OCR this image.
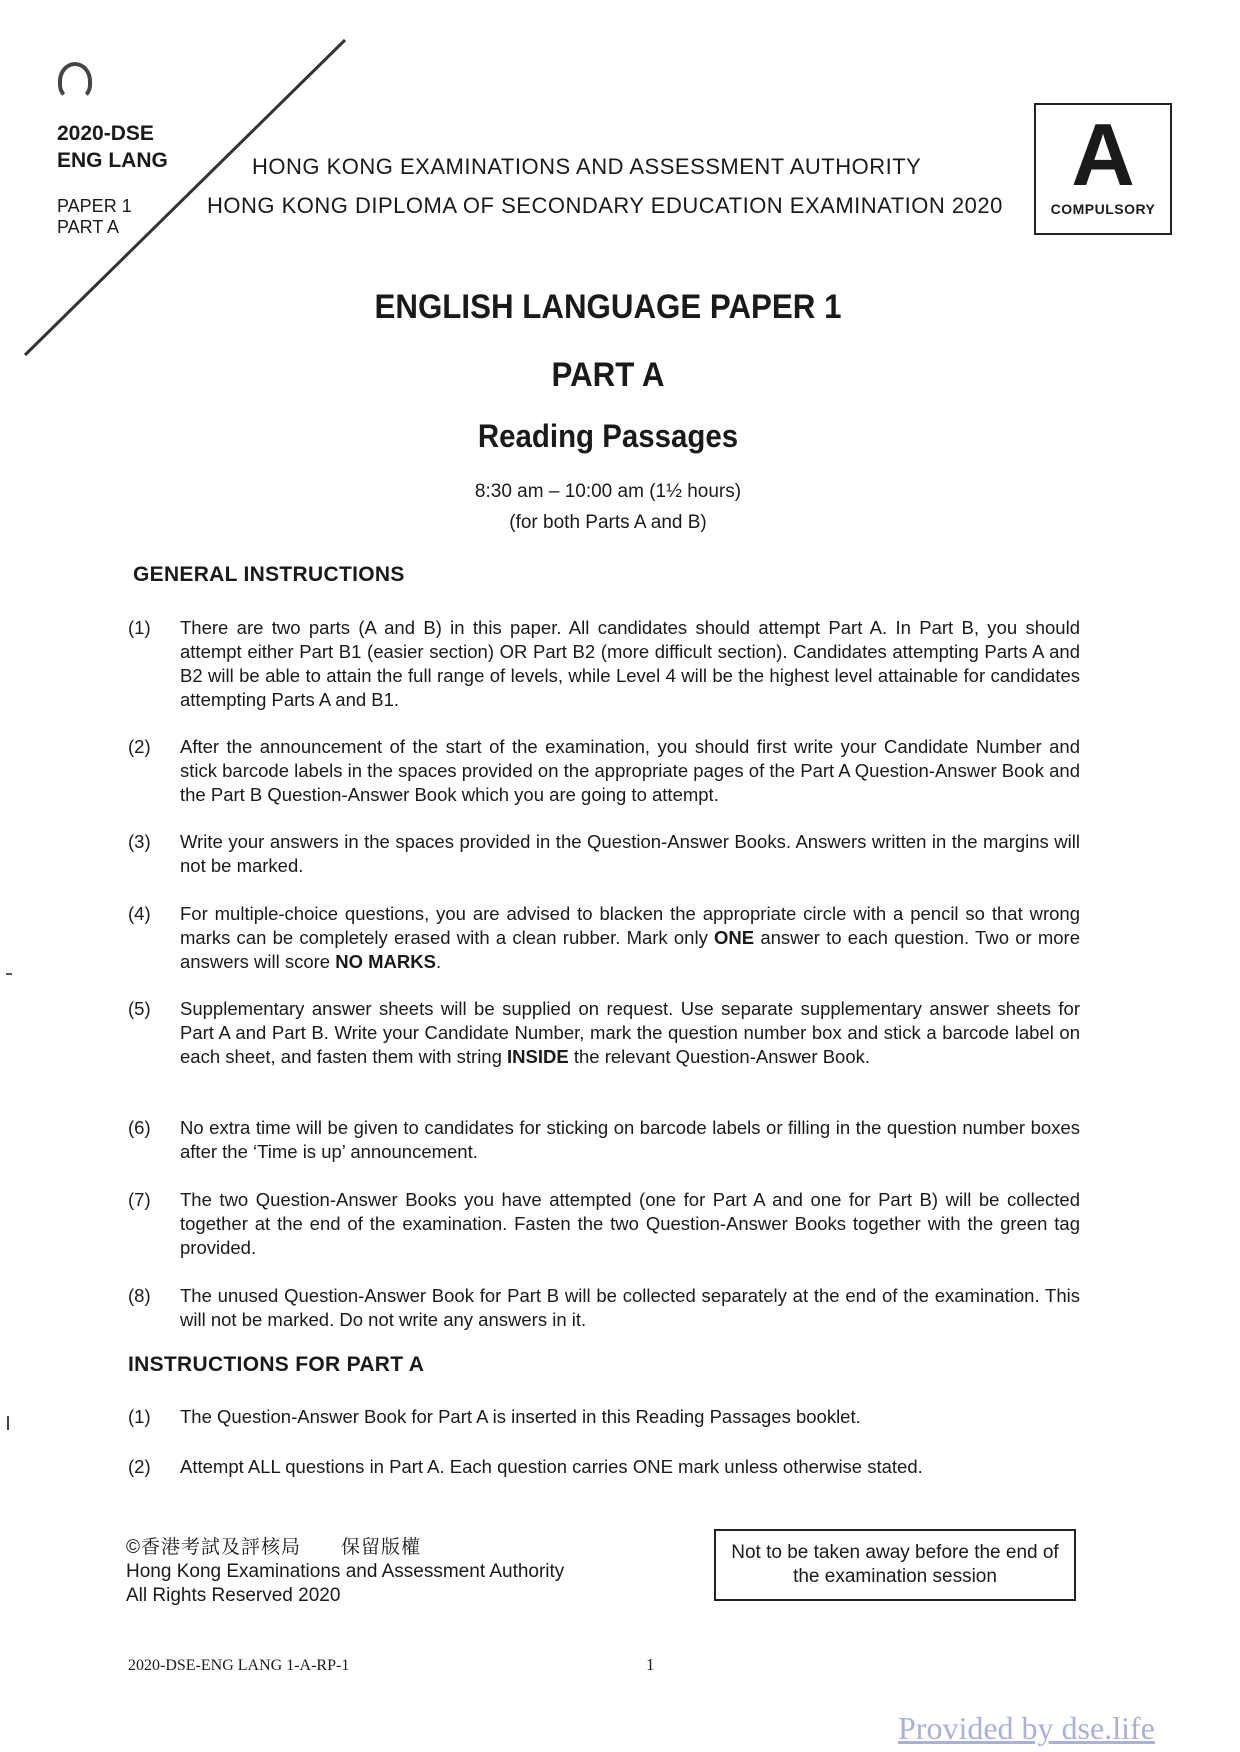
2020-DSE
ENG LANG
PAPER 1
PART A
HONG KONG EXAMINATIONS AND ASSESSMENT AUTHORITY
HONG KONG DIPLOMA OF SECONDARY EDUCATION EXAMINATION 2020
A
COMPULSORY
ENGLISH LANGUAGE PAPER 1
PART A
Reading Passages
8:30 am – 10:00 am (1½ hours)
(for both Parts A and B)
GENERAL INSTRUCTIONS
(1)	There are two parts (A and B) in this paper. All candidates should attempt Part A. In Part B, you should attempt either Part B1 (easier section) OR Part B2 (more difficult section). Candidates attempting Parts A and B2 will be able to attain the full range of levels, while Level 4 will be the highest level attainable for candidates attempting Parts A and B1.
(2)	After the announcement of the start of the examination, you should first write your Candidate Number and stick barcode labels in the spaces provided on the appropriate pages of the Part A Question-Answer Book and the Part B Question-Answer Book which you are going to attempt.
(3)	Write your answers in the spaces provided in the Question-Answer Books. Answers written in the margins will not be marked.
(4)	For multiple-choice questions, you are advised to blacken the appropriate circle with a pencil so that wrong marks can be completely erased with a clean rubber. Mark only ONE answer to each question. Two or more answers will score NO MARKS.
(5)	Supplementary answer sheets will be supplied on request. Use separate supplementary answer sheets for Part A and Part B. Write your Candidate Number, mark the question number box and stick a barcode label on each sheet, and fasten them with string INSIDE the relevant Question-Answer Book.
(6)	No extra time will be given to candidates for sticking on barcode labels or filling in the question number boxes after the ‘Time is up’ announcement.
(7)	The two Question-Answer Books you have attempted (one for Part A and one for Part B) will be collected together at the end of the examination. Fasten the two Question-Answer Books together with the green tag provided.
(8)	The unused Question-Answer Book for Part B will be collected separately at the end of the examination. This will not be marked. Do not write any answers in it.
INSTRUCTIONS FOR PART A
(1)	The Question-Answer Book for Part A is inserted in this Reading Passages booklet.
(2)	Attempt ALL questions in Part A. Each question carries ONE mark unless otherwise stated.
©香港考試及評核局　　保留版權
Hong Kong Examinations and Assessment Authority
All Rights Reserved 2020
Not to be taken away before the end of the examination session
2020-DSE-ENG LANG 1-A-RP-1	1
Provided by dse.life
